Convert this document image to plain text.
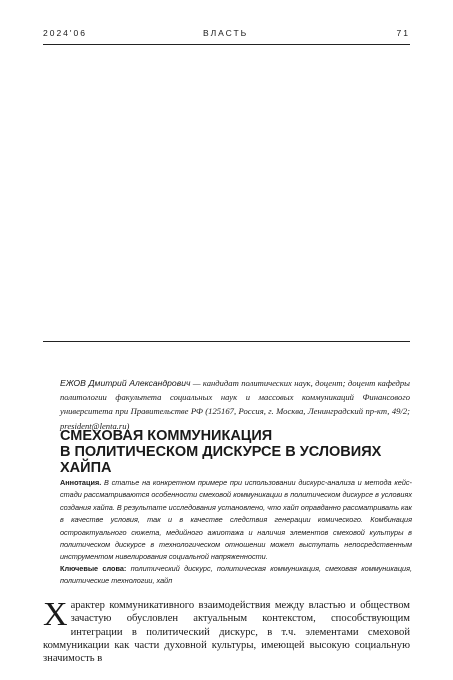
2024'06	ВЛАСТЬ	71
ЕЖОВ Дмитрий Александрович — кандидат политических наук, доцент; доцент кафедры политологии факультета социальных наук и массовых коммуникаций Финансового университета при Правительстве РФ (125167, Россия, г. Москва, Ленинградский пр-кт, 49/2; president@lenta.ru)
СМЕХОВАЯ КОММУНИКАЦИЯ
В ПОЛИТИЧЕСКОМ ДИСКУРСЕ В УСЛОВИЯХ ХАЙПА
Аннотация. В статье на конкретном примере при использовании дискурс-анализа и метода кейс-стади рассматриваются особенности смеховой коммуникации в политическом дискурсе в условиях создания хайпа. В результате исследования установлено, что хайп оправданно рассматривать как в качестве условия, так и в качестве следствия генерации комического. Комбинация остроактуального сюжета, медийного ажиотажа и наличия элементов смеховой культуры в политическом дискурсе в технологическом отношении может выступать непосредственным инструментом нивелирования социальной напряженности.
Ключевые слова: политический дискурс, политическая коммуникация, смеховая коммуникация, политические технологии, хайп
Х арактер коммуникативного взаимодействия между властью и обществом зачастую обусловлен актуальным контекстом, способствующим интеграции в политический дискурс, в т.ч. элементами смеховой коммуникации как части духовной культуры, имеющей высокую социальную значимость в
